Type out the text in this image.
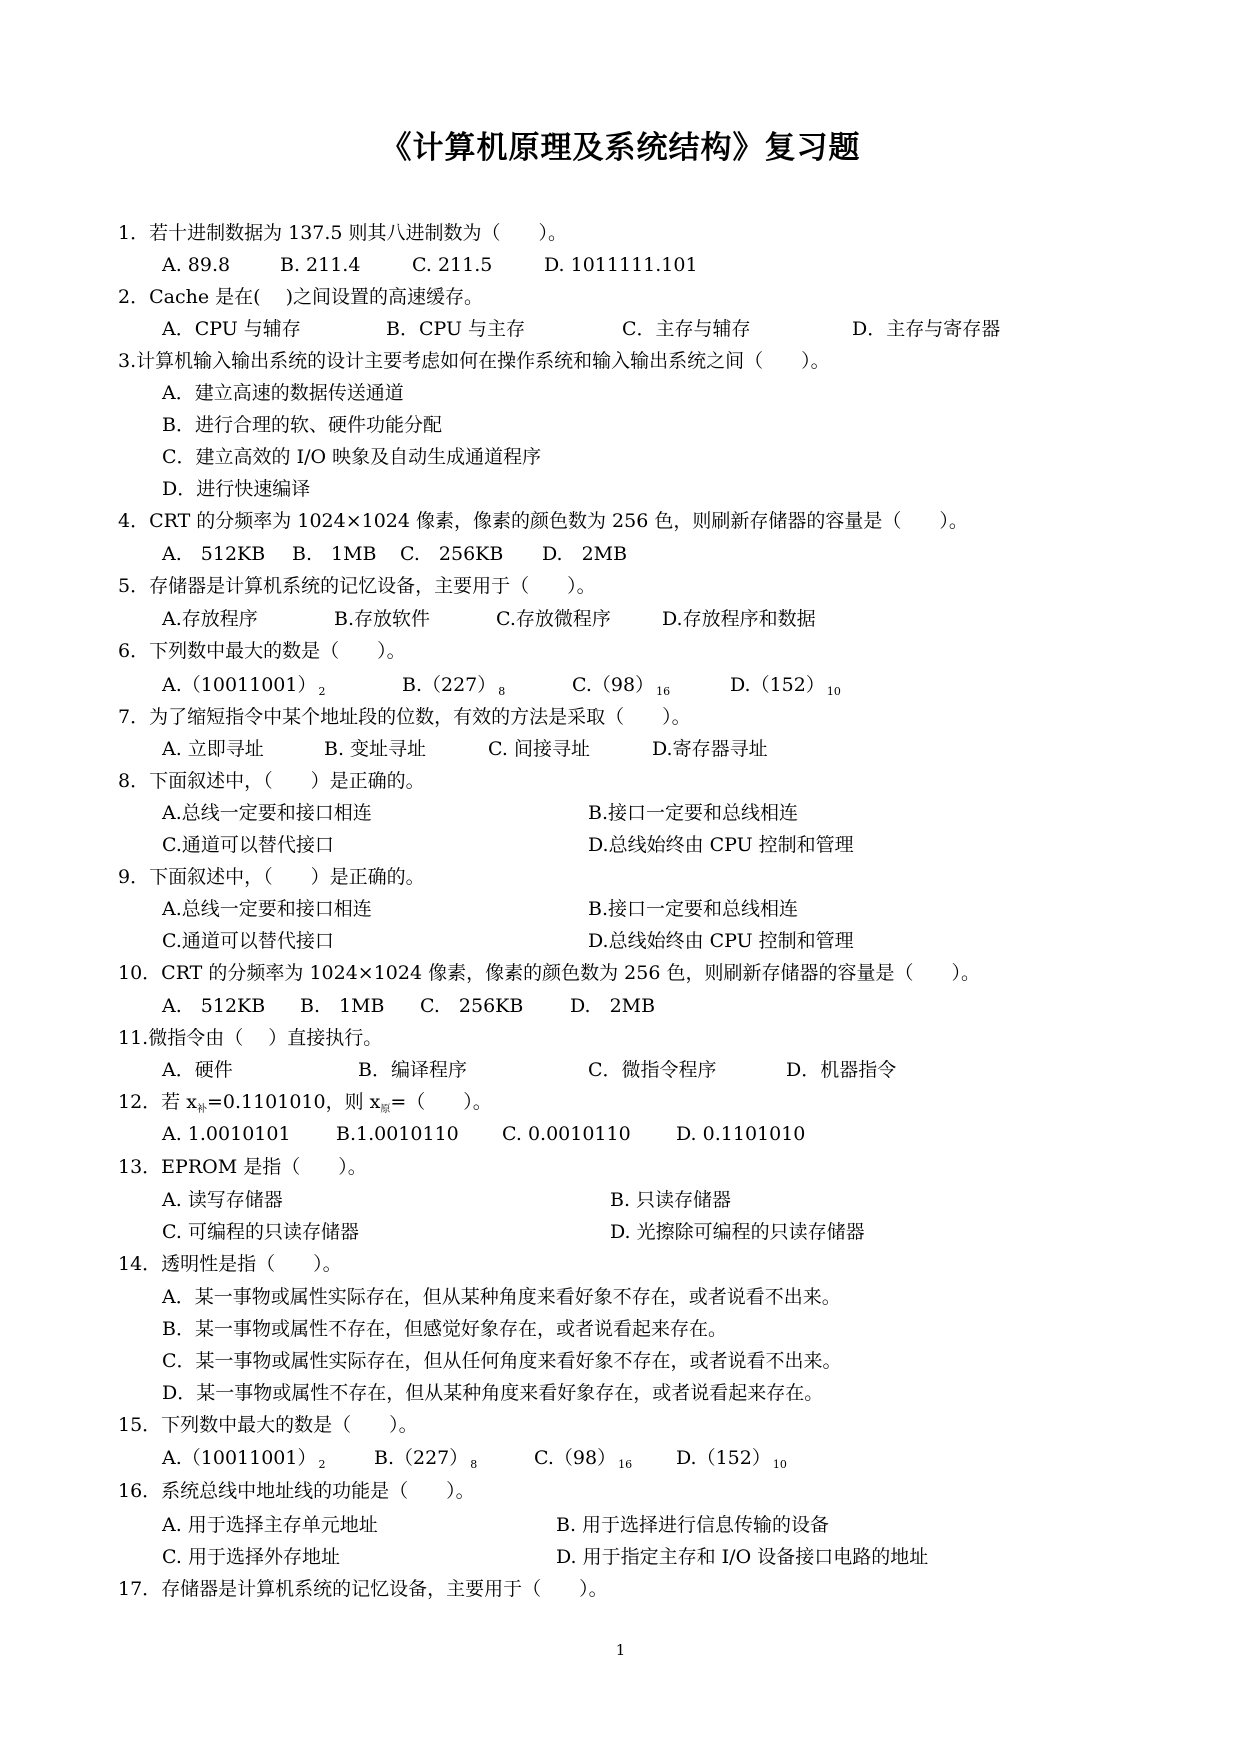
《计算机原理及系统结构》复习题
1．若十进制数据为 137.5 则其八进制数为（　　）。
A. 89.8	B. 211.4	C. 211.5	D. 1011111.101
2．Cache 是在(　 )之间设置的高速缓存。
A．CPU 与辅存	B．CPU 与主存	C．主存与辅存	D．主存与寄存器
3.计算机输入输出系统的设计主要考虑如何在操作系统和输入输出系统之间（　　）。
A．建立高速的数据传送通道
B．进行合理的软、硬件功能分配
C．建立高效的 I/O 映象及自动生成通道程序
D．进行快速编译
4．CRT 的分频率为 1024×1024 像素，像素的颜色数为 256 色，则刷新存储器的容量是（　　）。
A.　512KB B.　1MB C.　256KB D.　2MB
5．存储器是计算机系统的记忆设备，主要用于（　　）。
A.存放程序	B.存放软件	C.存放微程序	D.存放程序和数据
6．下列数中最大的数是（　　）。
A.（10011001） $_2$	B.（227） $_8$	C.（98） $_{16}$	D.（152） $_{10}$
7．为了缩短指令中某个地址段的位数，有效的方法是采取（　　）。
A. 立即寻址	B. 变址寻址	C. 间接寻址	D.寄存器寻址
8．下面叙述中，（　　）是正确的。
A.总线一定要和接口相连	B.接口一定要和总线相连
C.通道可以替代接口	D.总线始终由 CPU 控制和管理
9．下面叙述中，（　　）是正确的。
A.总线一定要和接口相连	B.接口一定要和总线相连
C.通道可以替代接口	D.总线始终由 CPU 控制和管理
10．CRT 的分频率为 1024×1024 像素，像素的颜色数为 256 色，则刷新存储器的容量是（　　）。
A.　512KB B.　1MB C.　256KB D.　2MB
11.微指令由（　 ）直接执行。
A．硬件	B．编译程序	C．微指令程序	D．机器指令
12．若 $x_补=0.1101010$，则 $x_原=$（　　）。
A. 1.0010101 B.1.0010110 C. 0.0010110 D. 0.1101010
13．EPROM 是指（　　）。
A. 读写存储器	B. 只读存储器
C. 可编程的只读存储器	D. 光擦除可编程的只读存储器
14．透明性是指（　　）。
A．某一事物或属性实际存在，但从某种角度来看好象不存在，或者说看不出来。
B．某一事物或属性不存在，但感觉好象存在，或者说看起来存在。
C．某一事物或属性实际存在，但从任何角度来看好象不存在，或者说看不出来。
D．某一事物或属性不存在，但从某种角度来看好象存在，或者说看起来存在。
15．下列数中最大的数是（　　）。
A.（10011001） $_2$	B.（227） $_8$	C.（98） $_{16}$ D.（152） $_{10}$
16．系统总线中地址线的功能是（　　）。
A. 用于选择主存单元地址	B. 用于选择进行信息传输的设备
C. 用于选择外存地址	D. 用于指定主存和 I/O 设备接口电路的地址
17．存储器是计算机系统的记忆设备，主要用于（　　）。
1
